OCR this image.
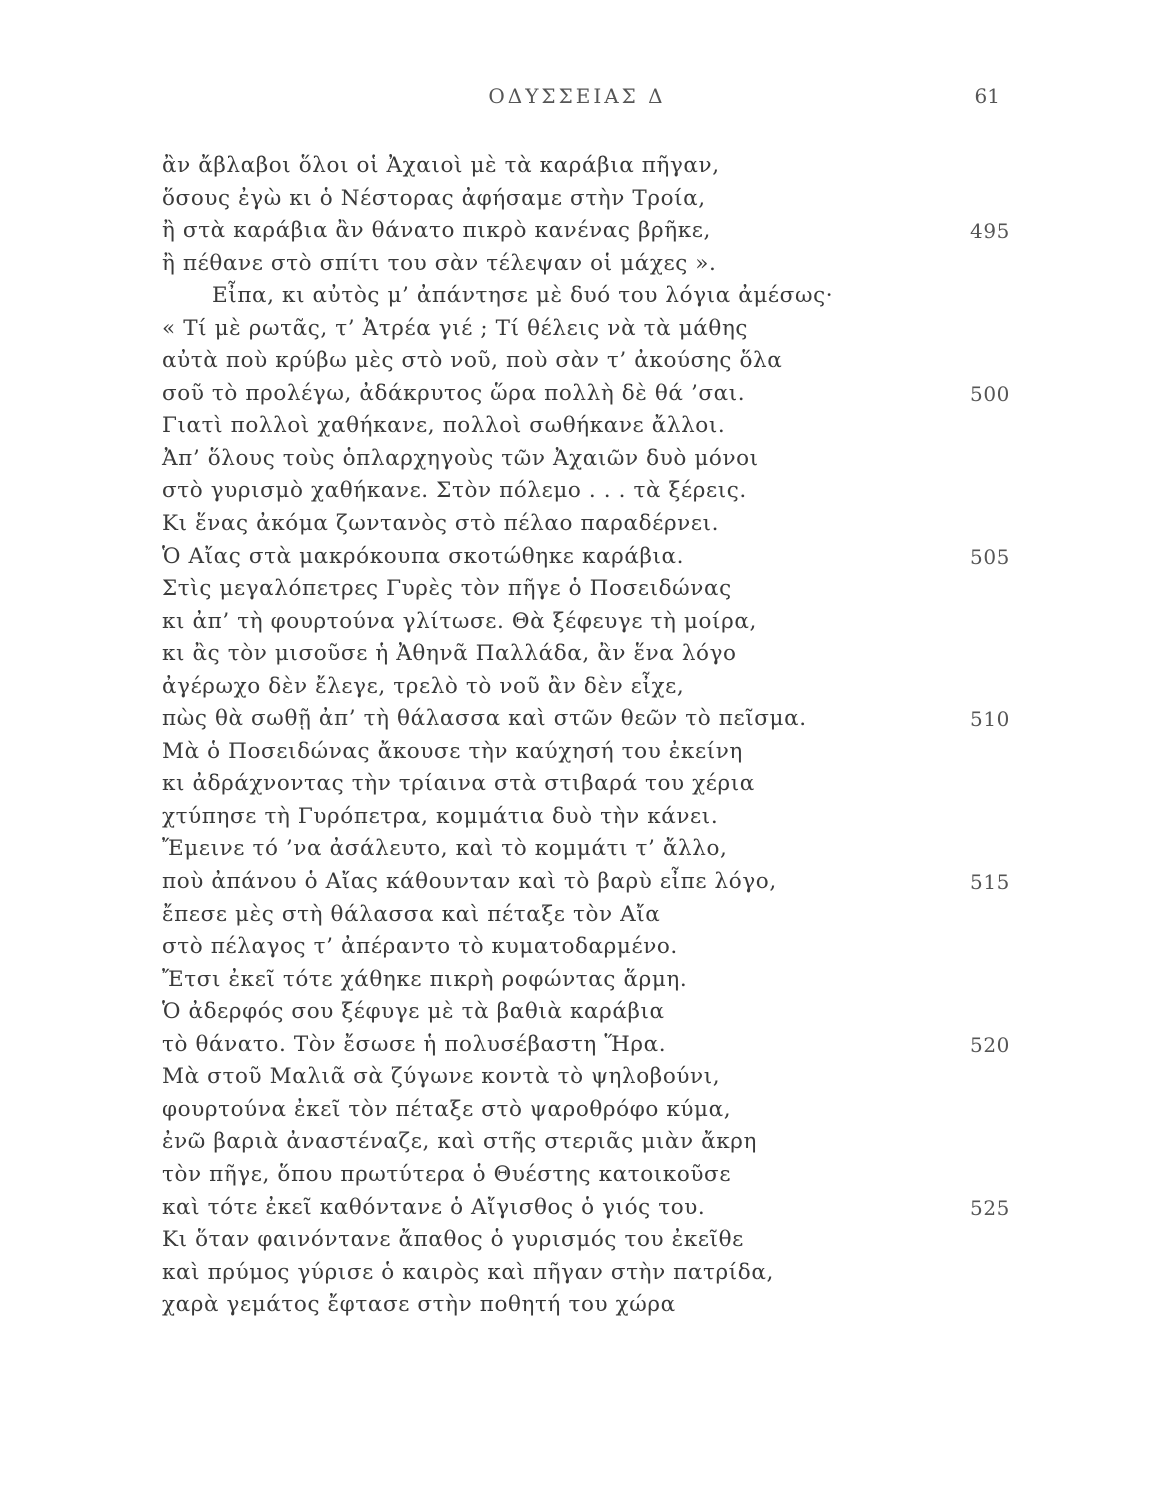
ΟΔΥΣΣΕΙΑΣ Δ	61
ἂν ἄβλαβοι ὅλοι οἱ Ἀχαιοὶ μὲ τὰ καράβια πῆγαν,
ὅσους ἐγὼ κι ὁ Νέστορας ἀφήσαμε στὴν Τροία,
ἢ στὰ καράβια ἂν θάνατο πικρὸ κανένας βρῆκε,	495
ἢ πέθανε στὸ σπίτι του σὰν τέλεψαν οἱ μάχες ».
Εἶπα, κι αὐτὸς μ’ ἀπάντησε μὲ δυό του λόγια ἀμέσως·
« Τί μὲ ρωτᾶς, τ’ Ἀτρέα γιέ ; Τί θέλεις νὰ τὰ μάθης
αὐτὰ ποὺ κρύβω μὲς στὸ νοῦ, ποὺ σὰν τ’ ἀκούσης ὅλα
σοῦ τὸ προλέγω, ἀδάκρυτος ὥρα πολλὴ δὲ θά ’σαι.	500
Γιατὶ πολλοὶ χαθήκανε, πολλοὶ σωθήκανε ἄλλοι.
Ἀπ’ ὅλους τοὺς ὁπλαρχηγοὺς τῶν Ἀχαιῶν δυὸ μόνοι
στὸ γυρισμὸ χαθήκανε. Στὸν πόλεμο . . . τὰ ξέρεις.
Κι ἕνας ἀκόμα ζωντανὸς στὸ πέλαο παραδέρνει.
Ὁ Αἴας στὰ μακρόκουπα σκοτώθηκε καράβια.	505
Στὶς μεγαλόπετρες Γυρὲς τὸν πῆγε ὁ Ποσειδώνας
κι ἀπ’ τὴ φουρτούνα γλίτωσε. Θὰ ξέφευγε τὴ μοίρα,
κι ἂς τὸν μισοῦσε ἡ Ἀθηνᾶ Παλλάδα, ἂν ἕνα λόγο
ἀγέρωχο δὲν ἔλεγε, τρελὸ τὸ νοῦ ἂν δὲν εἶχε,
πὼς θὰ σωθῇ ἀπ’ τὴ θάλασσα καὶ στῶν θεῶν τὸ πεῖσμα.	510
Μὰ ὁ Ποσειδώνας ἄκουσε τὴν καύχησή του ἐκείνη
κι ἀδράχνοντας τὴν τρίαινα στὰ στιβαρά του χέρια
χτύπησε τὴ Γυρόπετρα, κομμάτια δυὸ τὴν κάνει.
Ἔμεινε τό ’να ἀσάλευτο, καὶ τὸ κομμάτι τ’ ἄλλο,
ποὺ ἀπάνου ὁ Αἴας κάθουνταν καὶ τὸ βαρὺ εἶπε λόγο,	515
ἔπεσε μὲς στὴ θάλασσα καὶ πέταξε τὸν Αἴα
στὸ πέλαγος τ’ ἀπέραντο τὸ κυματοδαρμένο.
Ἔτσι ἐκεῖ τότε χάθηκε πικρὴ ροφώντας ἅρμη.
Ὁ ἀδερφός σου ξέφυγε μὲ τὰ βαθιὰ καράβια
τὸ θάνατο. Τὸν ἔσωσε ἡ πολυσέβαστη Ἥρα.	520
Μὰ στοῦ Μαλιᾶ σὰ ζύγωνε κοντὰ τὸ ψηλοβούνι,
φουρτούνα ἐκεῖ τὸν πέταξε στὸ ψαροθρόφο κύμα,
ἐνῶ βαριὰ ἀναστέναζε, καὶ στῆς στεριᾶς μιὰν ἄκρη
τὸν πῆγε, ὅπου πρωτύτερα ὁ Θυέστης κατοικοῦσε
καὶ τότε ἐκεῖ καθόντανε ὁ Αἴγισθος ὁ γιός του.	525
Κι ὅταν φαινόντανε ἄπαθος ὁ γυρισμός του ἐκεῖθε
καὶ πρύμος γύρισε ὁ καιρὸς καὶ πῆγαν στὴν πατρίδα,
χαρὰ γεμάτος ἔφτασε στὴν ποθητή του χώρα
